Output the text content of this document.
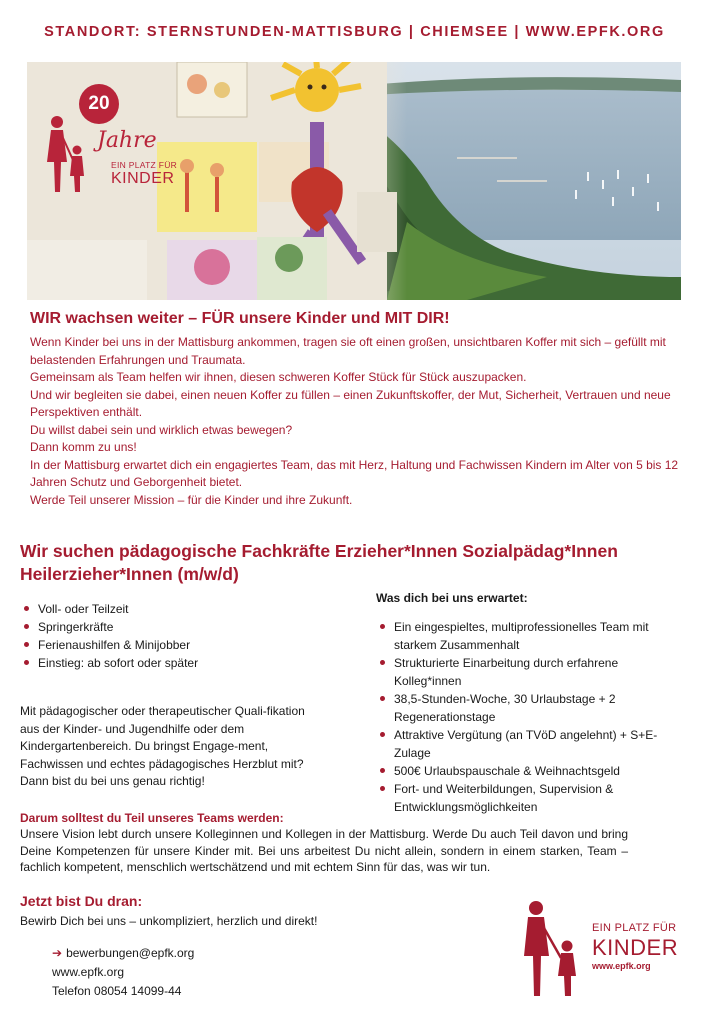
STANDORT: STERNSTUNDEN-MATTISBURG | CHIEMSEE | WWW.EPFK.ORG
20
Jahre
EIN PLATZ FÜR
KINDER
WIR wachsen weiter – FÜR unsere Kinder und MIT DIR!

Wenn Kinder bei uns in der Mattisburg ankommen, tragen sie oft einen großen, unsichtbaren Koffer mit sich – gefüllt mit belastenden Erfahrungen und Traumata.

Gemeinsam als Team helfen wir ihnen, diesen schweren Koffer Stück für Stück auszupacken.

Und wir begleiten sie dabei, einen neuen Koffer zu füllen – einen Zukunftskoffer, der Mut, Sicherheit, Vertrauen und neue Perspektiven enthält.

Du willst dabei sein und wirklich etwas bewegen?

Dann komm zu uns!

In der Mattisburg erwartet dich ein engagiertes Team, das mit Herz, Haltung und Fachwissen Kindern im Alter von 5 bis 12 Jahren Schutz und Geborgenheit bietet.

Werde Teil unserer Mission – für die Kinder und ihre Zukunft.

Wir suchen pädagogische Fachkräfte Erzieher*Innen Sozialpädag*Innen Heilerzieher*Innen (m/w/d)
Voll- oder Teilzeit
Springerkräfte
Ferienaushilfen & Minijobber
Einstieg: ab sofort oder später

Mit pädagogischer oder therapeutischer Quali-fikation aus der Kinder- und Jugendhilfe oder dem Kindergartenbereich. Du bringst Engage-ment, Fachwissen und echtes pädagogisches Herzblut mit? Dann bist du bei uns genau richtig!

Was dich bei uns erwartet:
Ein eingespieltes, multiprofessionelles Team mit starkem Zusammenhalt
Strukturierte Einarbeitung durch erfahrene Kolleg*innen
38,5-Stunden-Woche, 30 Urlaubstage + 2 Regenerationstage
Attraktive Vergütung (an TVöD angelehnt) + S+E-Zulage
500€ Urlaubspauschale & Weihnachtsgeld
Fort- und Weiterbildungen, Supervision & Entwicklungsmöglichkeiten
Darum solltest du Teil unseres Teams werden:

Unsere Vision lebt durch unsere Kolleginnen und Kollegen in der Mattisburg. Werde Du auch Teil davon und bring Deine Kompetenzen für unsere Kinder mit. Bei uns arbeitest Du nicht allein, sondern in einem starken, Team – fachlich kompetent, menschlich wertschätzend und mit echtem Sinn für das, was wir tun.

Jetzt bist Du dran:
Bewirb Dich bei uns – unkompliziert, herzlich und direkt!
➔ bewerbungen@epfk.org
www.epfk.org
Telefon 08054 14099-44
EIN PLATZ FÜR
KINDER
www.epfk.org
